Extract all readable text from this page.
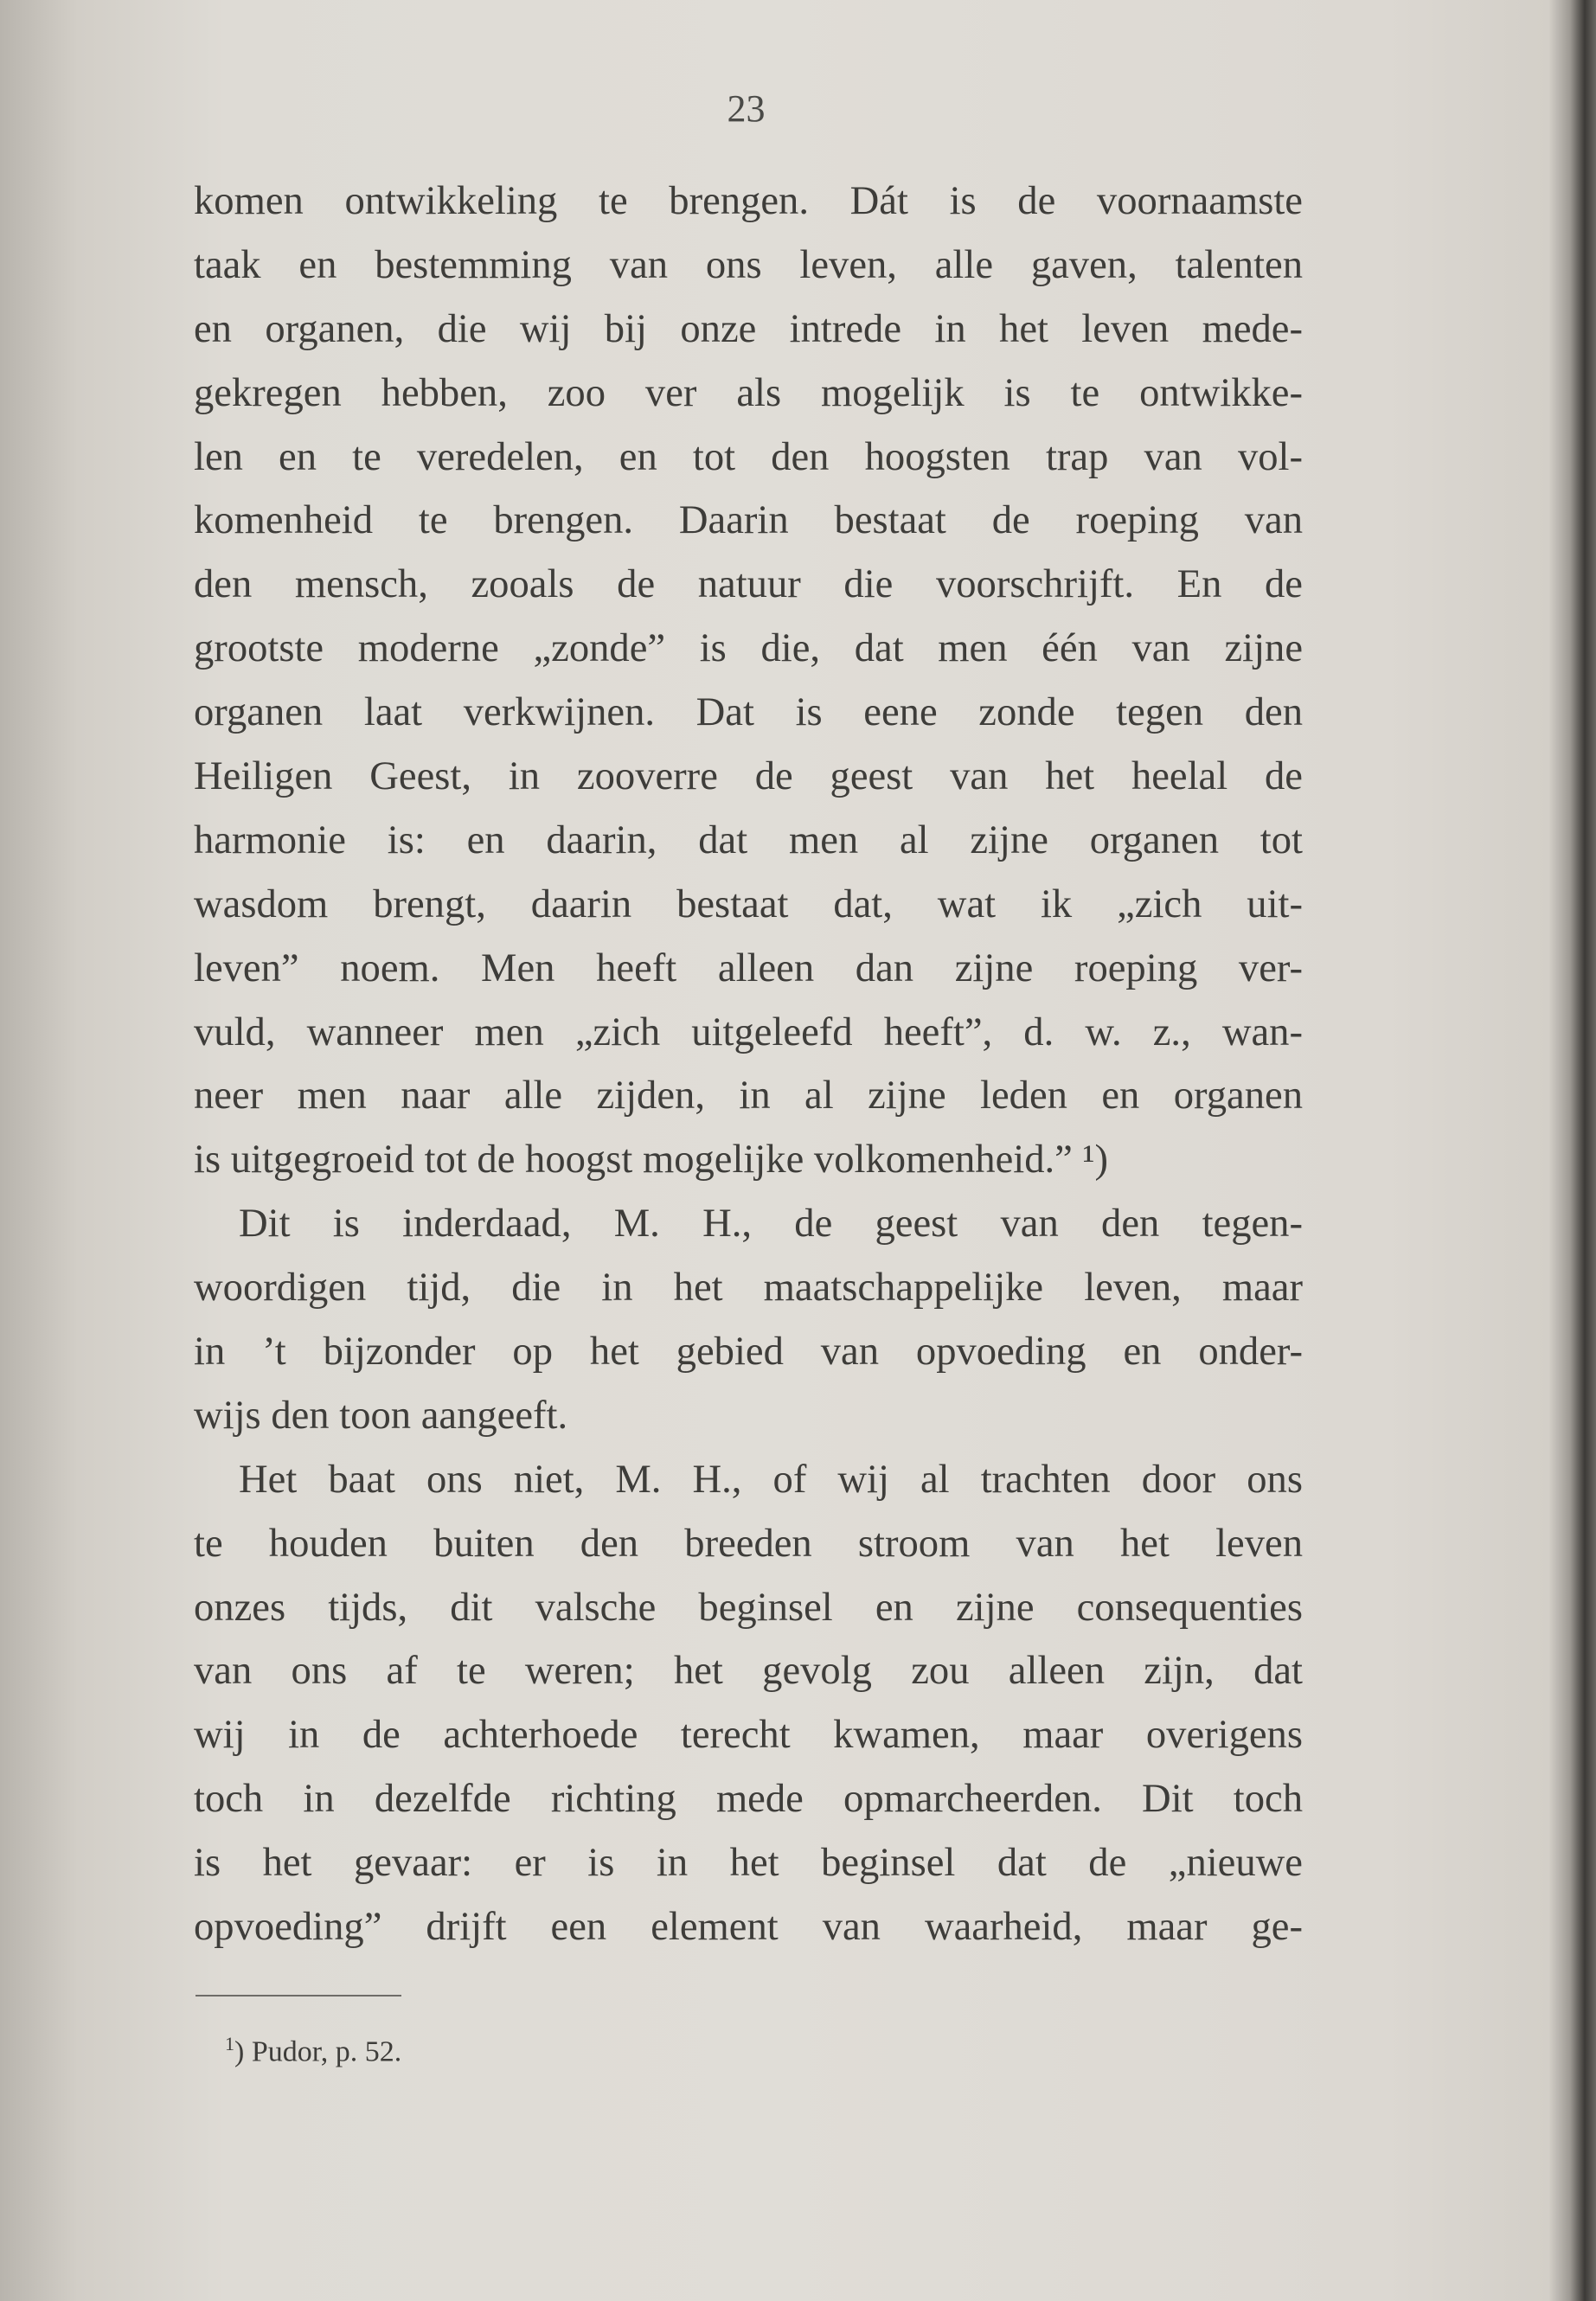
23
komen ontwikkeling te brengen. Dát is de voornaamste
taak en bestemming van ons leven, alle gaven, talenten
en organen, die wij bij onze intrede in het leven mede-
gekregen hebben, zoo ver als mogelijk is te ontwikke-
len en te veredelen, en tot den hoogsten trap van vol-
komenheid te brengen. Daarin bestaat de roeping van
den mensch, zooals de natuur die voorschrijft. En de
grootste moderne „zonde” is die, dat men één van zijne
organen laat verkwijnen. Dat is eene zonde tegen den
Heiligen Geest, in zooverre de geest van het heelal de
harmonie is: en daarin, dat men al zijne organen tot
wasdom brengt, daarin bestaat dat, wat ik „zich uit-
leven” noem. Men heeft alleen dan zijne roeping ver-
vuld, wanneer men „zich uitgeleefd heeft”, d. w. z., wan-
neer men naar alle zijden, in al zijne leden en organen
is uitgegroeid tot de hoogst mogelijke volkomenheid.” ¹)
Dit is inderdaad, M. H., de geest van den tegen-
woordigen tijd, die in het maatschappelijke leven, maar
in ’t bijzonder op het gebied van opvoeding en onder-
wijs den toon aangeeft.
Het baat ons niet, M. H., of wij al trachten door ons
te houden buiten den breeden stroom van het leven
onzes tijds, dit valsche beginsel en zijne consequenties
van ons af te weren; het gevolg zou alleen zijn, dat
wij in de achterhoede terecht kwamen, maar overigens
toch in dezelfde richting mede opmarcheerden. Dit toch
is het gevaar: er is in het beginsel dat de „nieuwe
opvoeding” drijft een element van waarheid, maar ge-
$^1$) Pudor, p. 52.
